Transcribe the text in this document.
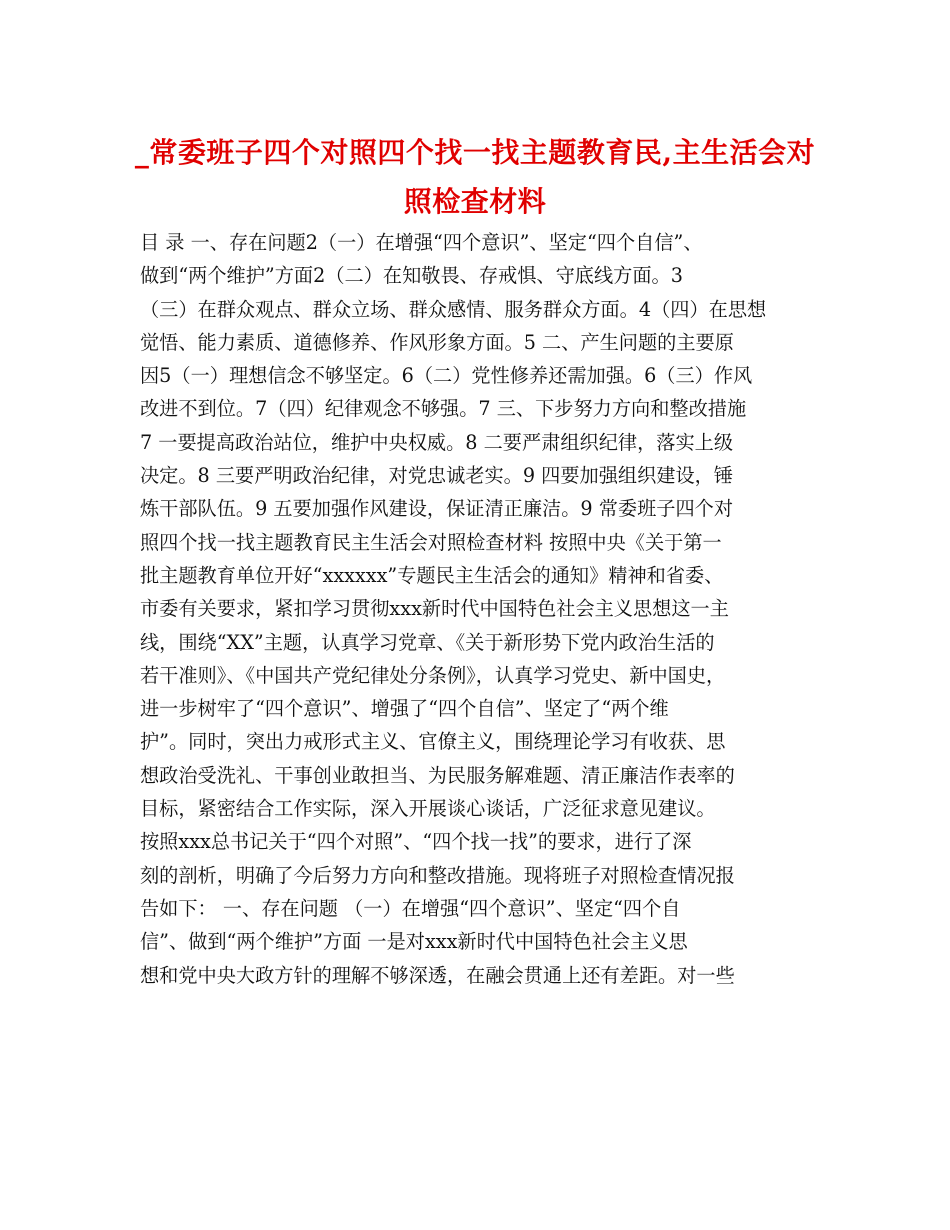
_常委班子四个对照四个找一找主题教育民,主生活会对
照检查材料
目 录 一、存在问题2（一）在增强“四个意识”、坚定“四个自信”、
做到“两个维护”方面2（二）在知敬畏、存戒惧、守底线方面。3
（三）在群众观点、群众立场、群众感情、服务群众方面。4（四）在思想
觉悟、能力素质、道德修养、作风形象方面。5 二、产生问题的主要原
因5（一）理想信念不够坚定。6（二）党性修养还需加强。6（三）作风
改进不到位。7（四）纪律观念不够强。7 三、下步努力方向和整改措施
7 一要提高政治站位，维护中央权威。8 二要严肃组织纪律，落实上级
决定。8 三要严明政治纪律，对党忠诚老实。9 四要加强组织建设，锤
炼干部队伍。9 五要加强作风建设，保证清正廉洁。9 常委班子四个对
照四个找一找主题教育民主生活会对照检查材料 按照中央《关于第一
批主题教育单位开好“xxxxxx”专题民主生活会的通知》精神和省委、
市委有关要求，紧扣学习贯彻xxx新时代中国特色社会主义思想这一主
线，围绕“XX”主题，认真学习党章、《关于新形势下党内政治生活的
若干准则》、《中国共产党纪律处分条例》，认真学习党史、新中国史，
进一步树牢了“四个意识”、增强了“四个自信”、坚定了“两个维
护”。同时，突出力戒形式主义、官僚主义，围绕理论学习有收获、思
想政治受洗礼、干事创业敢担当、为民服务解难题、清正廉洁作表率的
目标，紧密结合工作实际，深入开展谈心谈话，广泛征求意见建议。
按照xxx总书记关于“四个对照”、“四个找一找”的要求，进行了深
刻的剖析，明确了今后努力方向和整改措施。现将班子对照检查情况报
告如下： 一、存在问题 （一）在增强“四个意识”、坚定“四个自
信”、做到“两个维护”方面 一是对xxx新时代中国特色社会主义思
想和党中央大政方针的理解不够深透，在融会贯通上还有差距。对一些
